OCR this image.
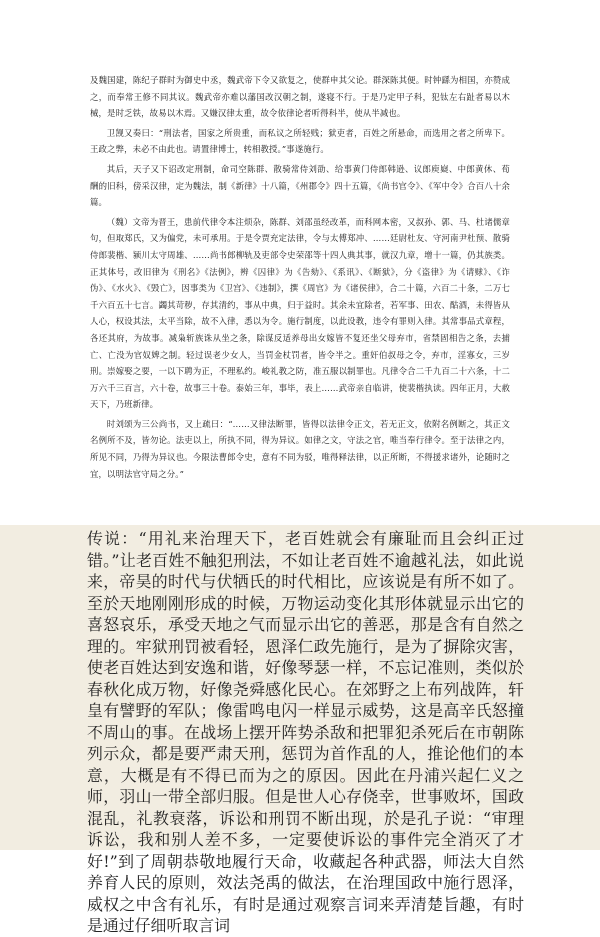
及魏国建，陈纪子群时为御史中丞，魏武帝下令又欲复之，使群申其父论。群深陈其便。时钟繇为相国，亦赞成之，而奉常王修不同其议。魏武帝亦难以藩国改汉朝之制，遂寝不行。于是乃定甲子科，犯钛左右趾者易以木械，是时乏铁，故易以木焉。又嫌汉律太重，故令依律论者听得科半，使从半减也。

卫觊又奏曰：“刑法者，国家之所贵重，而私议之所轻贱；狱吏者，百姓之所悬命，而选用之者之所卑下。王政之弊，未必不由此也。请置律博士，转相教授。”事遂施行。

其后，天子又下诏改定刑制，命司空陈群、散骑常侍刘劭、给事黄门侍郎韩逊、议郎庾嶷、中郎黄休、荀 酬的旧科，傍采汉律，定为魏法，制《新律》十八篇，《州郡令》四十五篇，《尚书官令》、《军中令》合百八十余篇。

（魏）文帝为晋王，患前代律令本注烦杂，陈群、刘邵虽经改革，而科网本密，又叔孙、郭、马、杜诸儒章句，但取郑氏，又为偏党，未可承用。于是令贾充定法律，令与太傅郑冲、……廷尉杜友、守河南尹杜预、散骑侍郎裴楷、颍川太守周雄、……尚书郎柳轨及吏部令史荣邵等十四人典其事，就汉九章，增十一篇，仍其族类。正其体号，改旧律为《刑名》《法例》，辨《囚律》为《告劾》、《系讯》、《断狱》，分《盗律》为《请赇》、《诈伪》、《水火》、《毁亡》，因事类为《卫宫》、《违制》，撰《周官》为《诸侯律》，合二十篇，六百二十条，二万七千六百五十七言。蠲其苛秽，存其清约，事从中典，归于益时。其余未宜除者，若军事、田农、酤酒，未得皆从人心，权设其法，太平当除，故不入律，悉以为令。施行制度，以此设教，违令有罪则入律。其常事品式章程，各还其府，为故事。减枭斩族诛从坐之条，除谋反适养母出女嫁皆不复还坐父母弃市，省禁固相告之条，去捕亡、亡没为官奴婢之制。轻过误老少女人，当罚金杖罚者，皆令半之。重奸伯叔母之令，弃市，淫寡女，三岁刑。崇嫁娶之要，一以下聘为正，不理私约。峻礼教之防，准五服以制罪也。凡律令合二千九百二十六条，十二万六千三百言，六十卷，故事三十卷。泰始三年，事毕，表上……武帝亲自临讲，使裴楷执读。四年正月，大赦天下，乃班新律。

时刘颂为三公尚书，又上疏曰：“……又律法断罪，皆得以法律令正文，若无正文，依附名例断之，其正文名例所不及，皆勿论。法吏以上，所执不同，得为异议。如律之文，守法之官，唯当奉行律令。至于法律之内，所见不同，乃得为异议也。今限法曹郎令史，意有不同为驳，唯得释法律，以正所断，不得援求诸外，论随时之宜，以明法官守局之分。”

传说：“用礼来治理天下，老百姓就会有廉耻而且会纠正过错。”让老百姓不触犯刑法，不如让老百姓不逾越礼法，如此说来，帝昊的时代与伏牺氏的时代相比，应该说是有所不如了。至於天地刚刚形成的时候，万物运动变化其形体就显示出它的喜怒哀乐，承受天地之气而显示出它的善恶，那是含有自然之理的。牢狱刑罚被看轻，恩泽仁政先施行，是为了摒除灾害，使老百姓达到安逸和谐，好像琴瑟一样，不忘记准则，类似於春秋化成万物，好像尧舜感化民心。在郊野之上布列战阵，轩皇有譬野的军队；像雷鸣电闪一样显示威势，这是高辛氏怒撞不周山的事。在战场上摆开阵势杀敌和把罪犯杀死后在市朝陈列示众，都是要严肃天刑，惩罚为首作乱的人，推论他们的本意，大概是有不得已而为之的原因。因此在丹浦兴起仁义之师，羽山一带全部归服。但是世人心存侥幸，世事败坏，国政混乱，礼教衰落，诉讼和刑罚不断出现，於是孔子说：“审理诉讼，我和别人差不多，一定要使诉讼的事件完全消灭了才好!”到了周朝恭敬地履行天命，收藏起各种武器，师法大自然养育人民的原则，效法尧禹的做法，在治理国政中施行恩泽，威权之中含有礼乐，有时是通过观察言词来弄清楚旨趣，有时是通过仔细听取言词
